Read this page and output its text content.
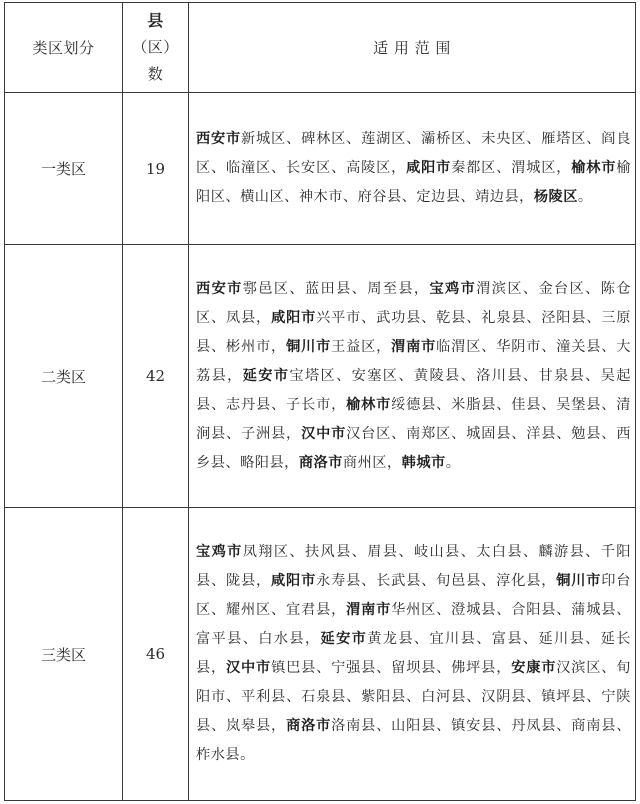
类区划分	县
（区）
数	适 用 范 围
一类区	19	西安市新城区、碑林区、莲湖区、灞桥区、未央区、雁塔区、阎良区、临潼区、长安区、高陵区，咸阳市秦都区、渭城区，榆林市榆阳区、横山区、神木市、府谷县、定边县、靖边县，杨陵区。
二类区	42	西安市鄠邑区、蓝田县、周至县，宝鸡市渭滨区、金台区、陈仓区、凤县，咸阳市兴平市、武功县、乾县、礼泉县、泾阳县、三原县、彬州市，铜川市王益区，渭南市临渭区、华阴市、潼关县、大荔县，延安市宝塔区、安塞区、黄陵县、洛川县、甘泉县、吴起县、志丹县、子长市，榆林市绥德县、米脂县、佳县、吴堡县、清涧县、子洲县，汉中市汉台区、南郑区、城固县、洋县、勉县、西乡县、略阳县，商洛市商州区，韩城市。
三类区	46	宝鸡市凤翔区、扶风县、眉县、岐山县、太白县、麟游县、千阳县、陇县，咸阳市永寿县、长武县、旬邑县、淳化县，铜川市印台区、耀州区、宜君县，渭南市华州区、澄城县、合阳县、蒲城县、富平县、白水县，延安市黄龙县、宜川县、富县、延川县、延长县，汉中市镇巴县、宁强县、留坝县、佛坪县，安康市汉滨区、旬阳市、平利县、石泉县、紫阳县、白河县、汉阴县、镇坪县、宁陕县、岚皋县，商洛市洛南县、山阳县、镇安县、丹凤县、商南县、柞水县。
